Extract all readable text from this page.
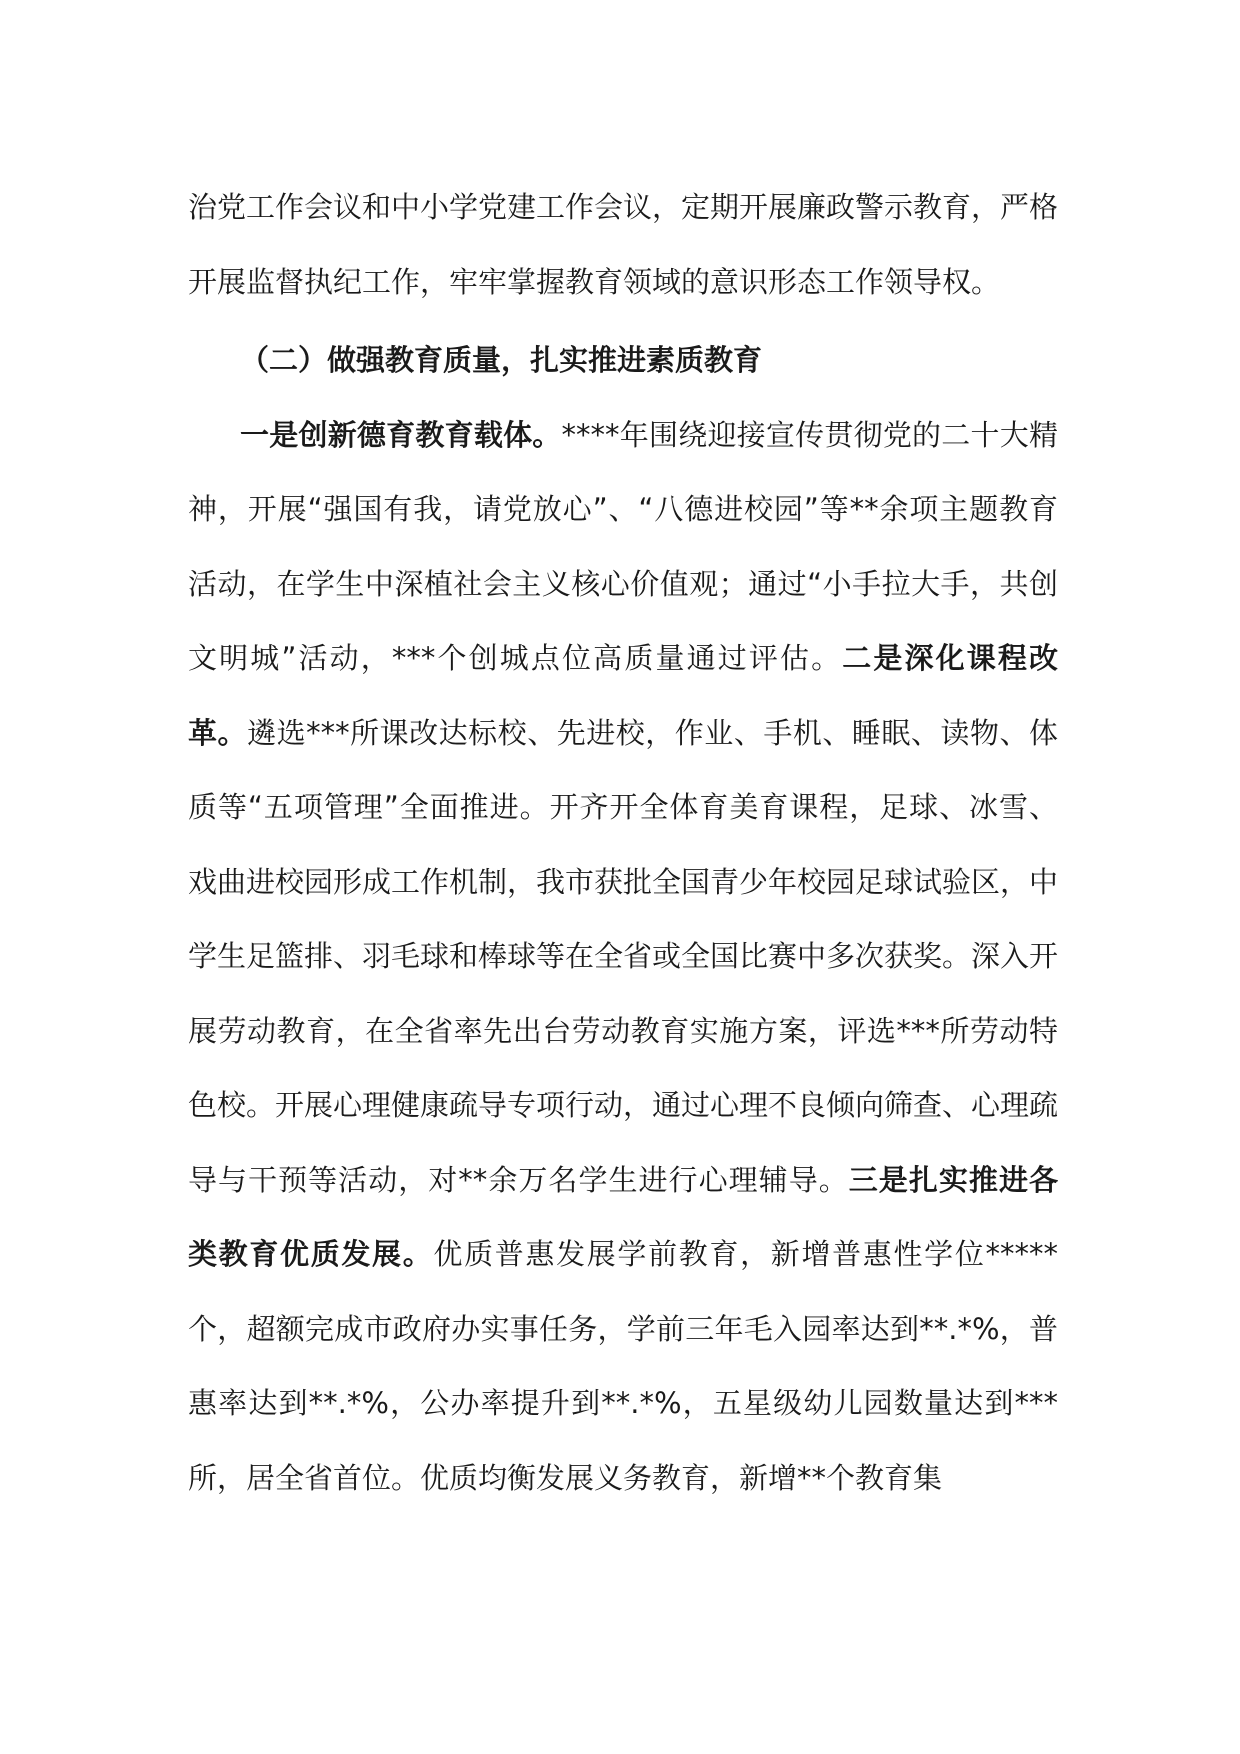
治党工作会议和中小学党建工作会议，定期开展廉政警示教育，严格开展监督执纪工作，牢牢掌握教育领域的意识形态工作领导权。

（二）做强教育质量，扎实推进素质教育

一是创新德育教育载体。****年围绕迎接宣传贯彻党的二十大精神，开展“强国有我，请党放心”、“八德进校园”等**余项主题教育活动，在学生中深植社会主义核心价值观；通过“小手拉大手，共创文明城”活动，***个创城点位高质量通过评估。二是深化课程改革。遴选***所课改达标校、先进校，作业、手机、睡眠、读物、体质等“五项管理”全面推进。开齐开全体育美育课程，足球、冰雪、戏曲进校园形成工作机制，我市获批全国青少年校园足球试验区，中学生足篮排、羽毛球和棒球等在全省或全国比赛中多次获奖。深入开展劳动教育，在全省率先出台劳动教育实施方案，评选***所劳动特色校。开展心理健康疏导专项行动，通过心理不良倾向筛查、心理疏导与干预等活动，对**余万名学生进行心理辅导。三是扎实推进各类教育优质发展。优质普惠发展学前教育，新增普惠性学位*****个，超额完成市政府办实事任务，学前三年毛入园率达到**.*%，普惠率达到**.*%，公办率提升到**.*%，五星级幼儿园数量达到***所，居全省首位。优质均衡发展义务教育，新增**个教育集
